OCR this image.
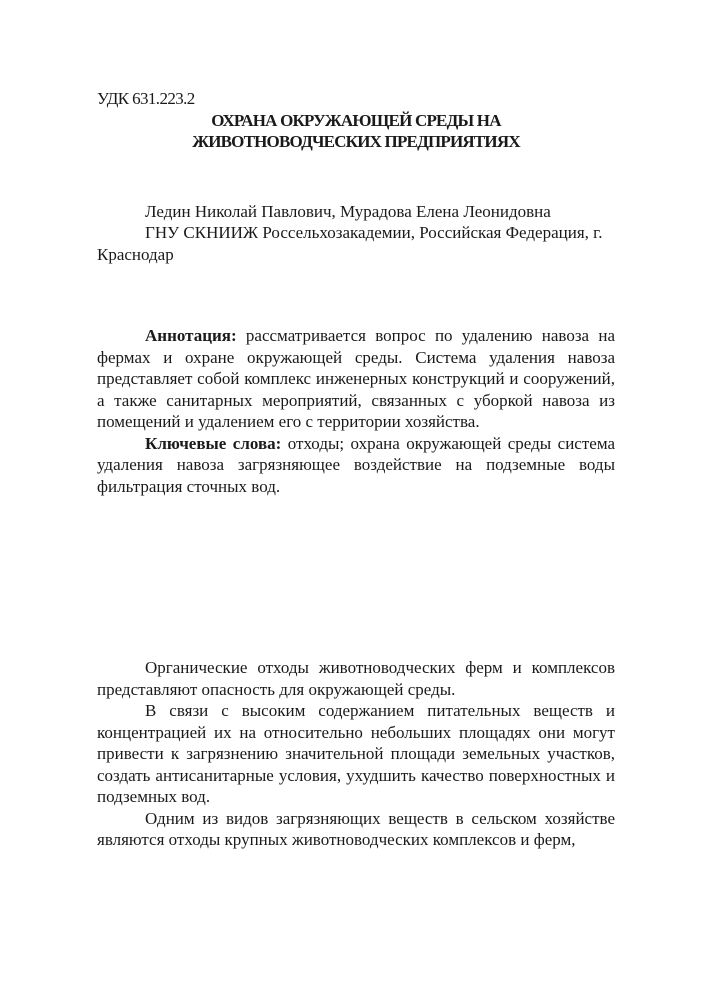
УДК 631.223.2

ОХРАНА ОКРУЖАЮЩЕЙ СРЕДЫ НА
ЖИВОТНОВОДЧЕСКИХ ПРЕДПРИЯТИЯХ

Ледин Николай Павлович, Мурадова Елена Леонидовна

ГНУ СКНИИЖ Россельхозакадемии, Российская Федерация, г. Краснодар

Аннотация: рассматривается вопрос по удалению навоза на фермах и охране окружающей среды. Система удаления навоза представляет собой комплекс инженерных конструкций и сооружений, а также санитарных мероприятий, связанных с уборкой навоза из помещений и удалением его с территории хозяйства.

Ключевые слова: отходы; охрана окружающей среды система удаления навоза загрязняющее воздействие на подземные воды фильтрация сточных вод.

Органические отходы животноводческих ферм и комплексов представляют опасность для окружающей среды.

В связи с высоким содержанием питательных веществ и концентрацией их на относительно небольших площадях они могут привести к загрязнению значительной площади земельных участков, создать антисанитарные условия, ухудшить качество поверхностных и подземных вод.

Одним из видов загрязняющих веществ в сельском хозяйстве являются отходы крупных животноводческих комплексов и ферм,
